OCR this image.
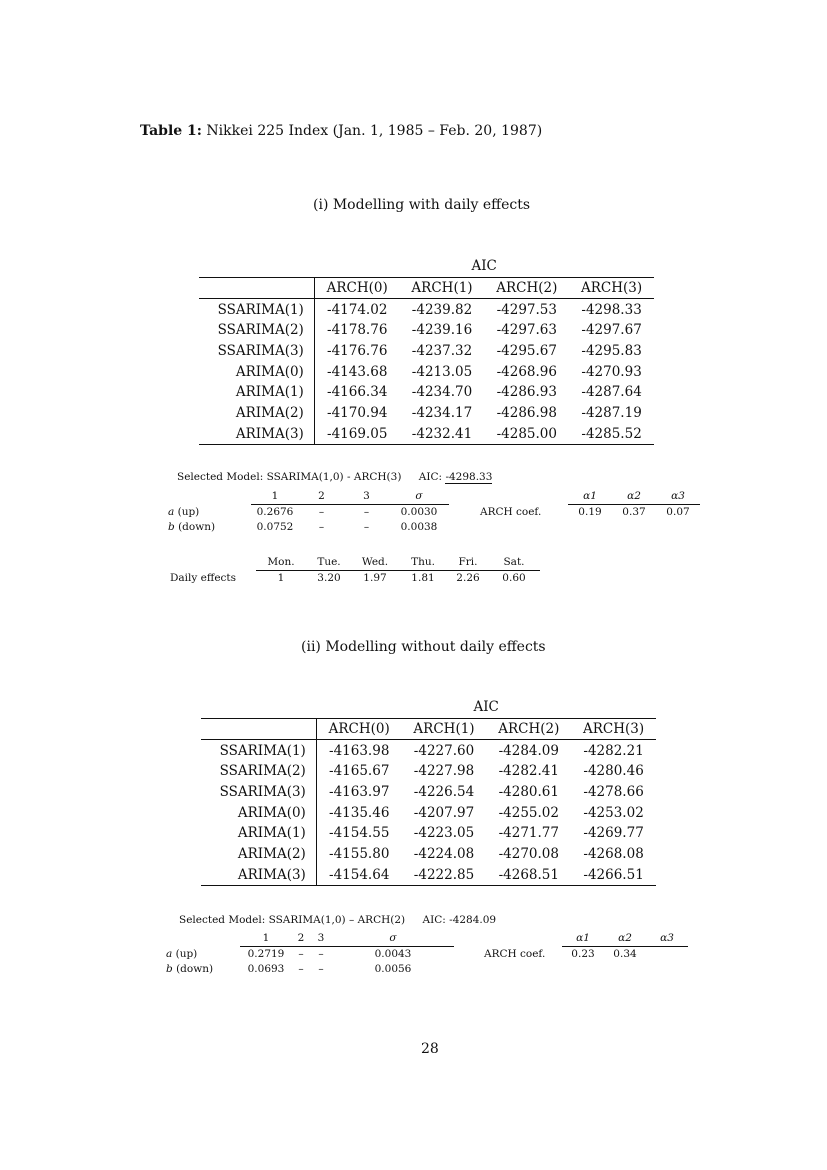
Table 1: Nikkei 225 Index (Jan. 1, 1985 – Feb. 20, 1987)
(i) Modelling with daily effects
	AIC			
	ARCH(0)	ARCH(1)	ARCH(2)	ARCH(3)
SSARIMA(1)	-4174.02	-4239.82	-4297.53	-4298.33
SSARIMA(2)	-4178.76	-4239.16	-4297.63	-4297.67
SSARIMA(3)	-4176.76	-4237.32	-4295.67	-4295.83
ARIMA(0)	-4143.68	-4213.05	-4268.96	-4270.93
ARIMA(1)	-4166.34	-4234.70	-4286.93	-4287.64
ARIMA(2)	-4170.94	-4234.17	-4286.98	-4287.19
ARIMA(3)	-4169.05	-4232.41	-4285.00	-4285.52
Selected Model: SSARIMA(1,0) - ARCH(3) AIC: -4298.33
	1	2	3	σ
a (up)	0.2676	–	–	0.0030
b (down)	0.0752	–	–	0.0038
	α1	α2	α3
ARCH coef.	0.19	0.37	0.07
	Mon.	Tue.	Wed.	Thu.	Fri.	Sat.
Daily effects	1	3.20	1.97	1.81	2.26	0.60
(ii) Modelling without daily effects
	AIC			
	ARCH(0)	ARCH(1)	ARCH(2)	ARCH(3)
SSARIMA(1)	-4163.98	-4227.60	-4284.09	-4282.21
SSARIMA(2)	-4165.67	-4227.98	-4282.41	-4280.46
SSARIMA(3)	-4163.97	-4226.54	-4280.61	-4278.66
ARIMA(0)	-4135.46	-4207.97	-4255.02	-4253.02
ARIMA(1)	-4154.55	-4223.05	-4271.77	-4269.77
ARIMA(2)	-4155.80	-4224.08	-4270.08	-4268.08
ARIMA(3)	-4154.64	-4222.85	-4268.51	-4266.51
Selected Model: SSARIMA(1,0) – ARCH(2) AIC: -4284.09
	1	2	3	σ
a (up)	0.2719	–	–	0.0043
b (down)	0.0693	–	–	0.0056
	α1	α2	α3
ARCH coef.	0.23	0.34	
28
